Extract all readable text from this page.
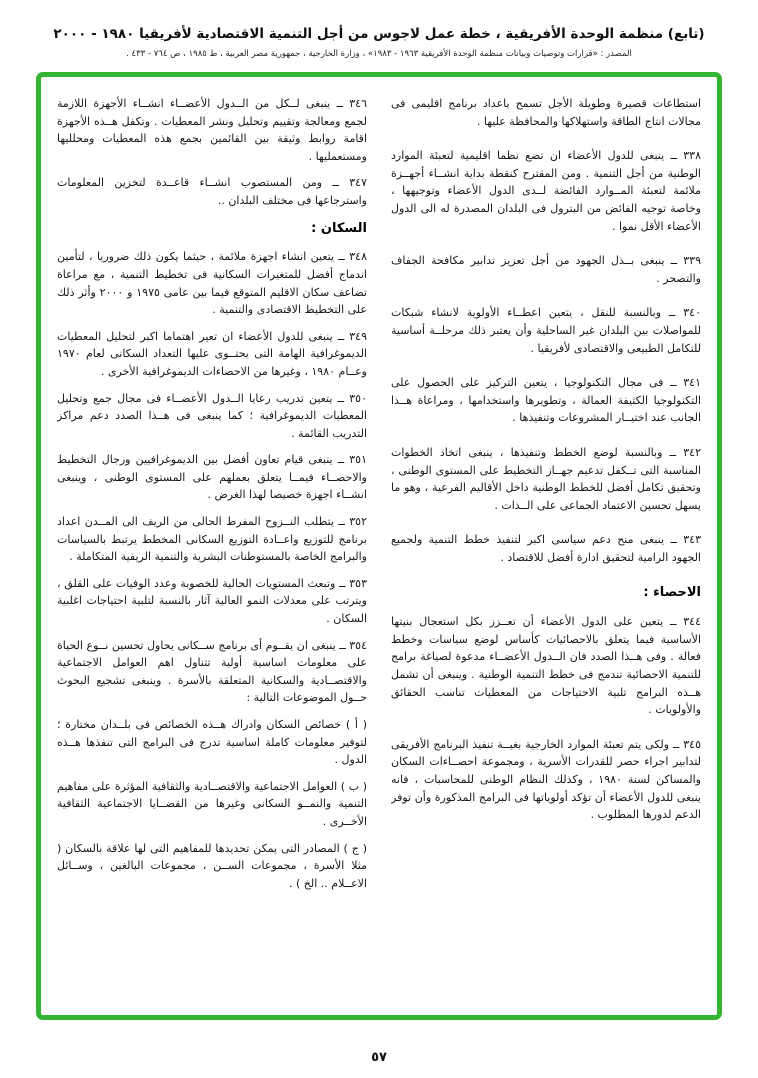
(تابع) منظمة الوحدة الأفريقية ، خطة عمل لاجوس من أجل التنمية الاقتصادية لأفريقيا ١٩٨٠ - ٢٠٠٠
المصدر : «قرارات وتوصيات وبيانات منظمة الوحدة الأفريقية ١٩٦٣ - ١٩٨٣» ، وزارة الخارجية ، جمهورية مصر العربية ، ط ١٩٨٥ ، ص ٧٦٤ - ٤٣٣ .
استطاعات قصيرة وطويلة الأجل تسمح باعداد برنامج اقليمى فى مجالات انتاج الطاقة واستهلاكها والمحافظة عليها .
٣٣٨ ــ ينبغى للدول الأعضاء ان تضع نظما اقليمية لتعبئة الموارد الوطنية من أجل التنمية . ومن المقترح كنقطة بداية انشــاء أجهــزة ملائمة لتعبئة المــوارد الفائضة لــدى الدول الأعضاء وتوجيهها ، وخاصة توجيه الفائض من البترول فى البلدان المصدرة له الى الدول الأعضاء الأقل نموا .
٣٣٩ ــ ينبغى بــذل الجهود من أجل تعزيز تدابير مكافحة الجفاف والتصحر .
٣٤٠ ــ وبالنسبة للنقل ، يتعين اعطــاء الأولوية لانشاء شبكات للمواصلات بين البلدان غير الساحلية وأن يعتبر ذلك مرحلــة أساسية للتكامل الطبيعى والاقتصادى لأفريقيا .
٣٤١ ــ فى مجال التكنولوجيا ، يتعين التركيز على الحصول على التكنولوجيا الكثيفة العمالة ، وتطويرها واستخدامها ، ومراعاة هــذا الجانب عند اختيــار المشروعات وتنفيذها .
٣٤٢ ــ وبالنسبة لوضع الخطط وتنفيذها ، ينبغى اتخاذ الخطوات المناسبة التى تــكفل تدعيم جهــاز التخطيط على المستوى الوطنى ، وتحقيق تكامل أفضل للخطط الوطنية داخل الأقاليم الفرعية ، وهو ما يسهل تحسين الاعتماد الجماعى على الــذات .
٣٤٣ ــ ينبغى منح دعم سياسى اكبر لتنفيذ خطط التنمية ولجميع الجهود الرامية لتحقيق ادارة أفضل للاقتصاد .
الاحصاء :
٣٤٤ ــ يتعين على الدول الأعضاء أن تعــزز بكل استعجال بنيتها الأساسية فيما يتعلق بالاحصائيات كأساس لوضع سياسات وخطط فعالة . وفى هــذا الصدد فان الــدول الأعضــاء مدعوة لصياغة برامج للتنمية الاحصائية تندمج فى خطط التنمية الوطنية . وينبغى أن تشمل هــذه البرامج تلبية الاحتياجات من المعطيات تناسب الحقائق والأولويات .
٣٤٥ ــ ولكى يتم تعبئة الموارد الخارجية بغيــة تنفيذ البرنامج الأفريقى لتدابير اجراء حصر للقدرات الأسرية ، ومجموعة احصــاءات السكان والمساكن لسنة ١٩٨٠ ، وكذلك النظام الوطنى للمحاسبات ، فانه ينبغى للدول الأعضاء أن تؤكد أولوياتها فى البرامج المذكورة وأن توفر الدعم لدورها المطلوب .
٣٤٦ ــ ينبغى لــكل من الــدول الأعضــاء انشــاء الأجهزة اللازمة لجمع ومعالجة وتقييم وتحليل ونشر المعطيات . وتكفل هــذه الأجهزة اقامة روابط وثيقة بين القائمين بجمع هذه المعطيات ومحلليها ومستعمليها .
٣٤٧ ــ ومن المستصوب انشــاء قاعــدة لتخزين المعلومات واسترجاعها فى مختلف البلدان ..
السكان :
٣٤٨ ــ يتعين انشاء اجهزة ملائمة ، حيثما يكون ذلك ضروريا ، لتأمين اندماج أفضل للمتغيرات السكانية فى تخطيط التنمية ، مع مراعاة تضاعف سكان الاقليم المتوقع فيما بين عامى ١٩٧٥ و ٢٠٠٠ وأثر ذلك على التخطيط الاقتصادى والتنمية .
٣٤٩ ــ ينبغى للدول الأعضاء ان تعير اهتماما اكبر لتحليل المعطيات الديموغرافية الهامة التى يحتــوى عليها التعداد السكانى لعام ١٩٧٠ وعــام ١٩٨٠ ، وغيرها من الاحصاءات الديموغرافية الأخرى .
٣٥٠ ــ يتعين تدريب رعايا الــدول الأعضــاء فى مجال جمع وتحليل المعطيات الديموغرافية ؛ كما ينبغى فى هــذا الصدد دعم مراكز التدريب القائمة .
٣٥١ ــ ينبغى قيام تعاون أفضل بين الديموغرافيين ورجال التخطيط والاحصــاء فيمــا يتعلق بعملهم على المستوى الوطنى ، وينبغى انشــاء اجهزة خصيصا لهذا الغرض .
٣٥٢ ــ يتطلب النــزوح المفرط الحالى من الريف الى المــدن اعداد برنامج للتوزيع واعــادة التوزيع السكانى المخطط يرتبط بالسياسات والبرامج الخاصة بالمستوطنات البشرية والتنمية الريفية المتكاملة .
٣٥٣ ــ وتبعث المستويات الحالية للخصوبة وعدد الوفيات على القلق ، ويترتب على معدلات النمو العالية آثار بالنسبة لتلبية احتياجات اغلبية السكان .
٣٥٤ ــ ينبغى ان يقــوم أى برنامج ســكانى يحاول تحسين نــوع الحياة على معلومات اساسية أولية تتناول اهم العوامل الاجتماعية والاقتصــادية والسكانية المتعلقة بالأسرة . وينبغى تشجيع البحوث حــول الموضوعات التالية :
( أ ) خصائص السكان وادراك هــذه الخصائص فى بلــدان مختارة ؛ لتوفير معلومات كاملة اساسية تدرج فى البرامج التى تنفذها هــذه الدول .
( ب ) العوامل الاجتماعية والاقتصــادية والثقافية المؤثرة على مفاهيم التنمية والنمــو السكانى وغيرها من القضــايا الاجتماعية الثقافية الأخــرى .
( ج ) المصادر التى يمكن تحديدها للمفاهيم التى لها علاقة بالسكان ( مثلا الأسرة ، مجموعات الســن ، مجموعات البالغين ، وســائل الاعــلام .. الخ ) .
٥٧
